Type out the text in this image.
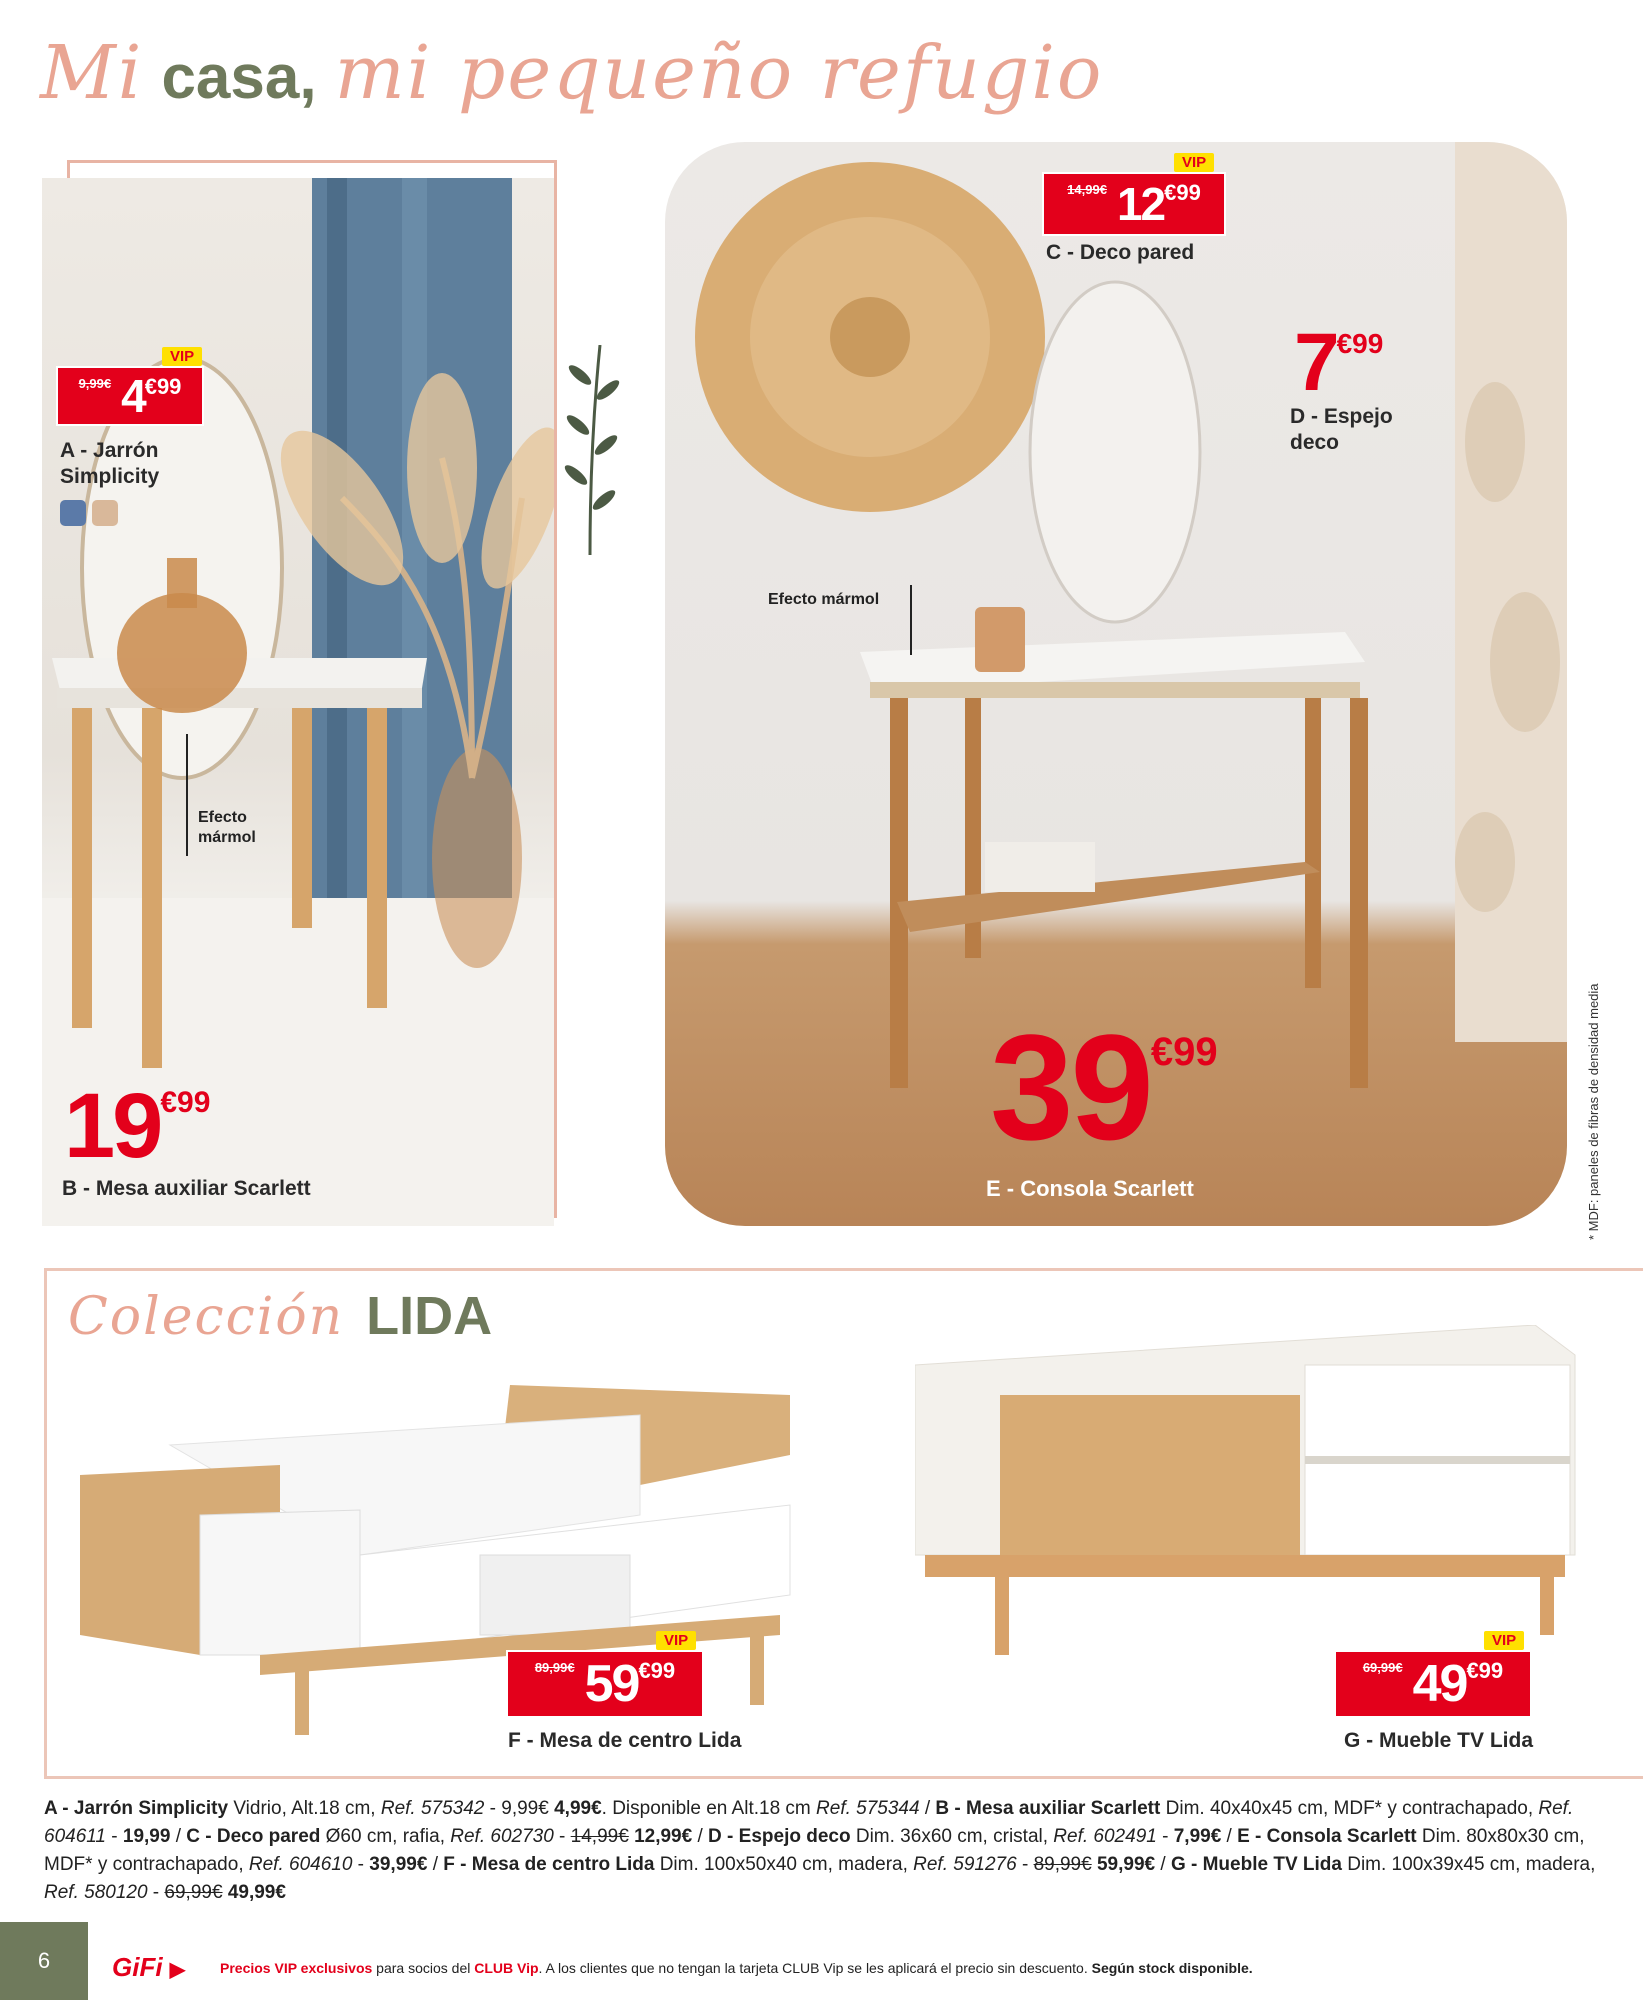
Mi casa, mi pequeño refugio
VIP
9,99€ 4 €99
A - Jarrón
Simplicity
Efecto
mármol
19 €99
B - Mesa auxiliar Scarlett
VIP
14,99€ 12 €99
C - Deco pared
7 €99
D - Espejo
deco
Efecto mármol
39 €99
E - Consola Scarlett	* MDF: paneles de fibras de densidad media
Colección LIDA
VIP
89,99€ 59 €99
F - Mesa de centro Lida
VIP
69,99€ 49 €99
G - Mueble TV Lida
A - Jarrón Simplicity Vidrio, Alt.18 cm, Ref. 575342 - 9,99€ 4,99€. Disponible en Alt.18 cm Ref. 575344 / B - Mesa auxiliar Scarlett Dim. 40x40x45 cm, MDF* y contrachapado, Ref. 604611 - 19,99 / C - Deco pared Ø60 cm, rafia, Ref. 602730 - 14,99€ 12,99€ / D - Espejo deco Dim. 36x60 cm, cristal, Ref. 602491 - 7,99€ / E - Consola Scarlett Dim. 80x80x30 cm, MDF* y contrachapado, Ref. 604610 - 39,99€ / F - Mesa de centro Lida Dim. 100x50x40 cm, madera, Ref. 591276 - 89,99€ 59,99€ / G - Mueble TV Lida Dim. 100x39x45 cm, madera, Ref. 580120 - 69,99€ 49,99€
6	GiFi ▶ Precios VIP exclusivos para socios del CLUB Vip. A los clientes que no tengan la tarjeta CLUB Vip se les aplicará el precio sin descuento. Según stock disponible.
